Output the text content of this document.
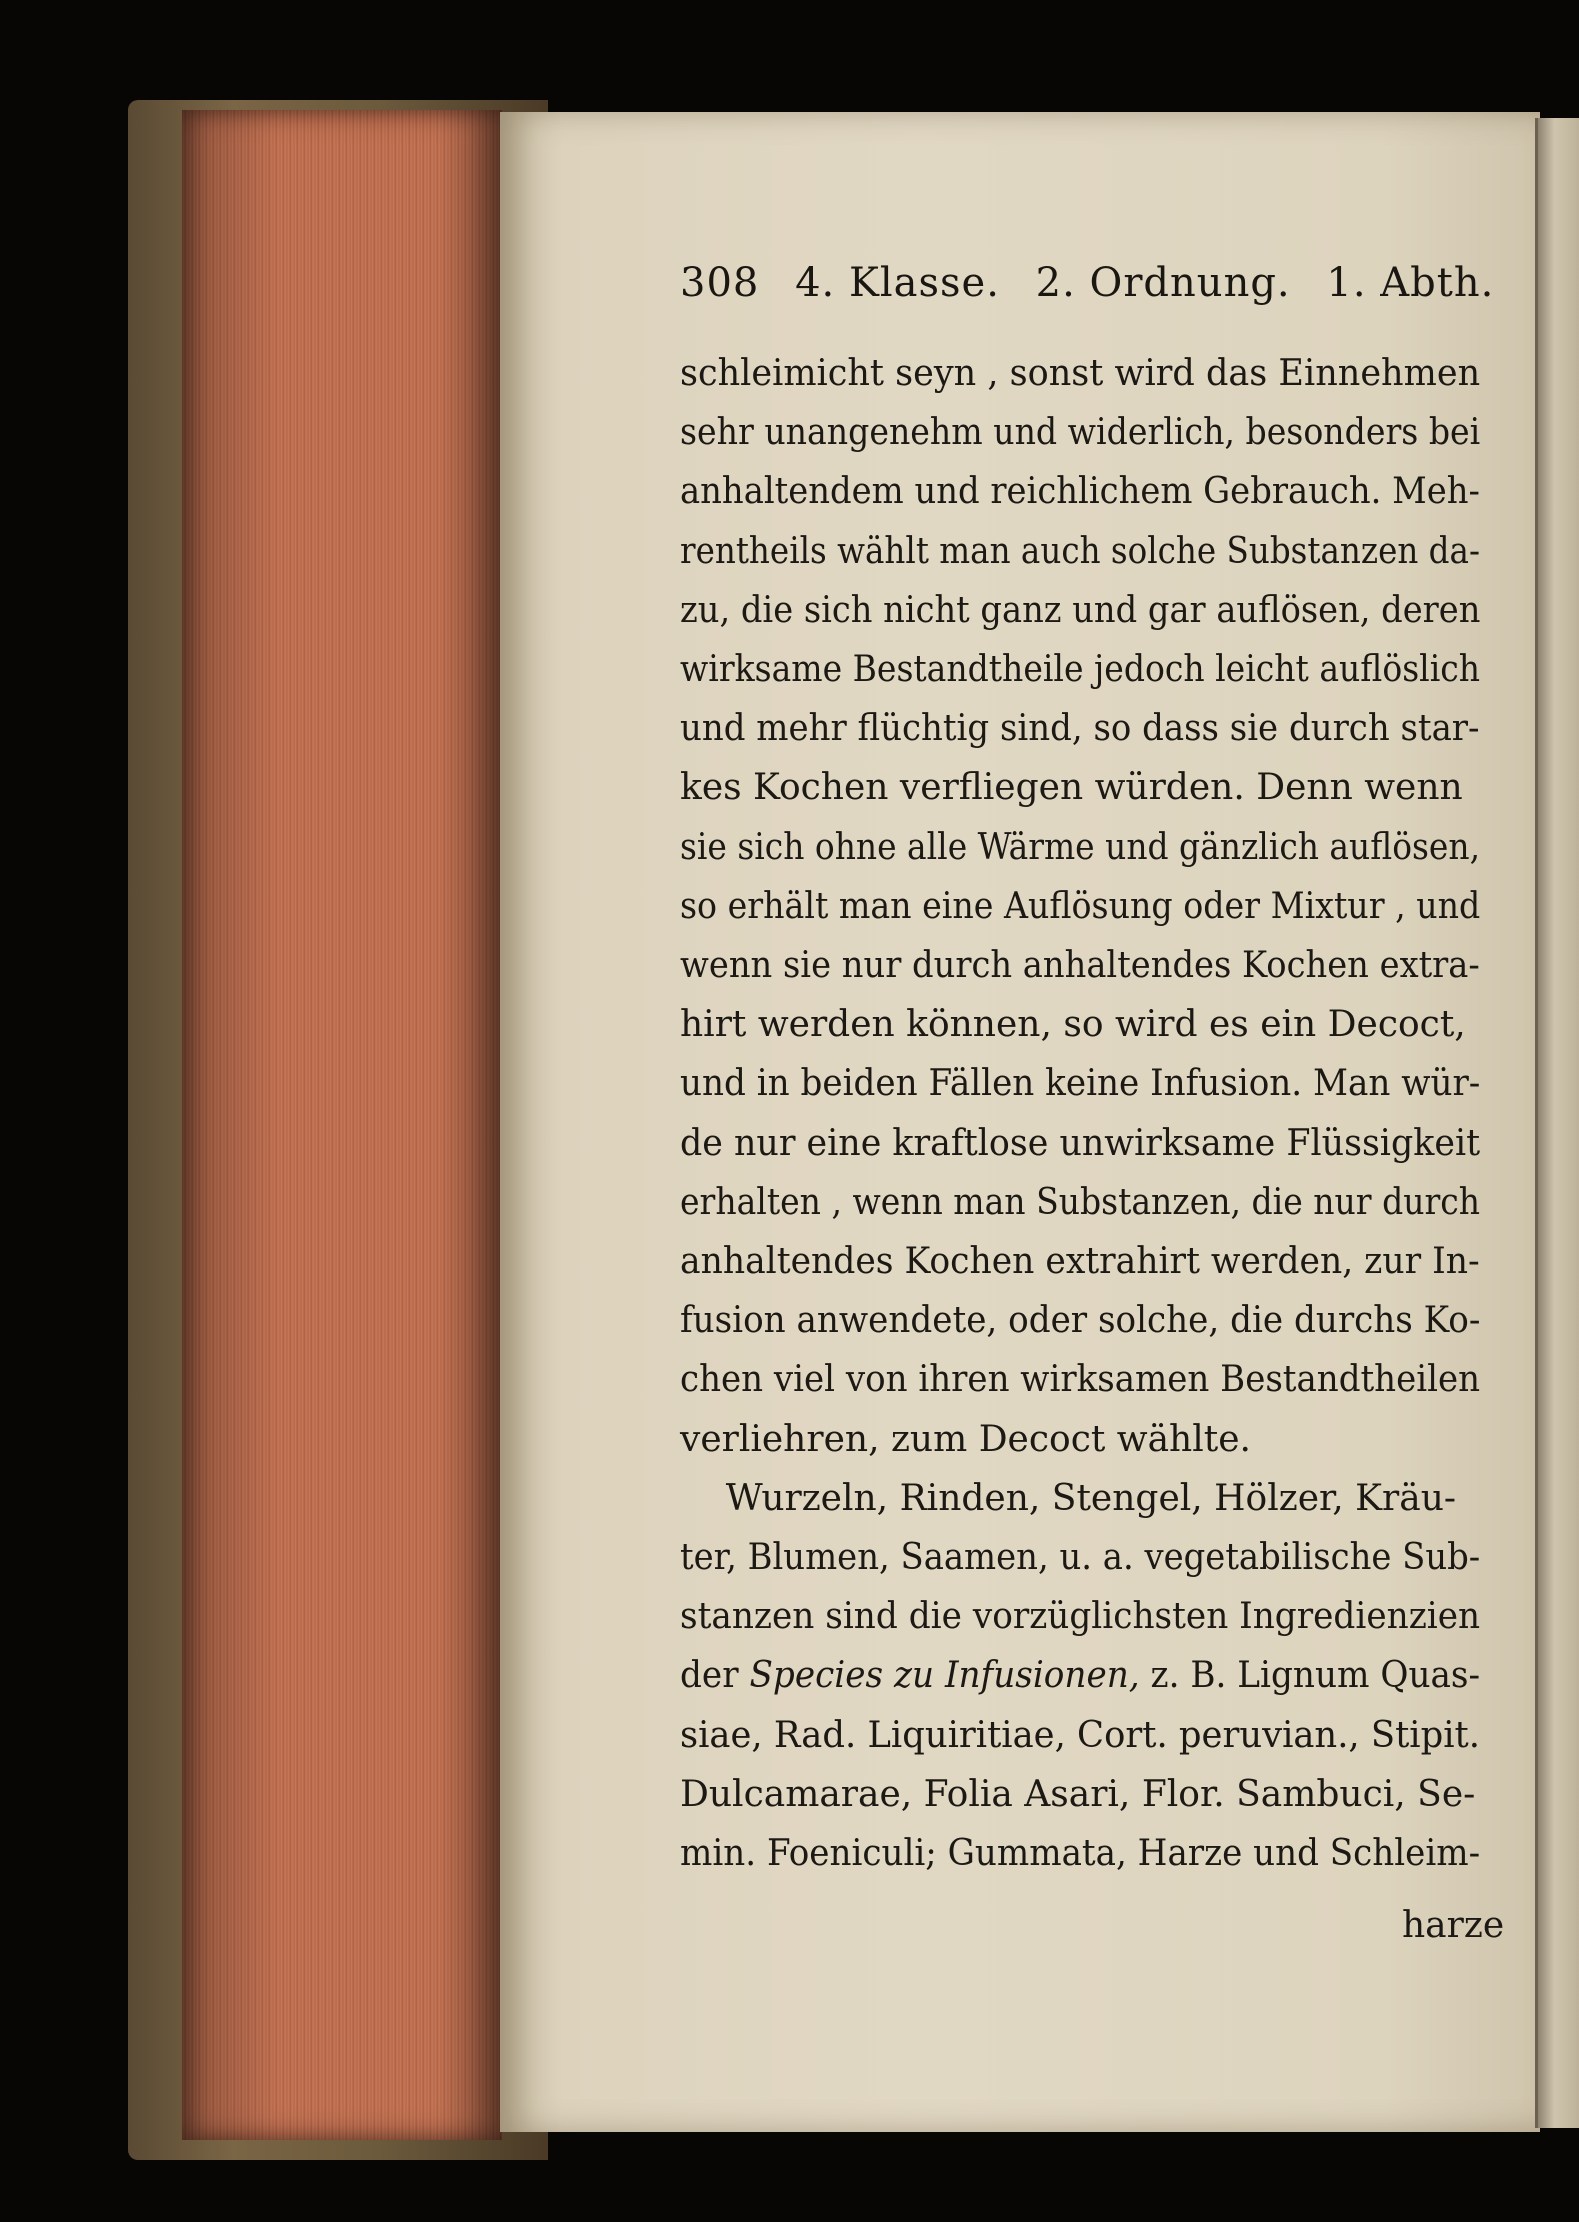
308 4. Klasse. 2. Ordnung. 1. Abth.
schleimicht seyn , sonst wird das Einnehmen
sehr unangenehm und widerlich, besonders bei
anhaltendem und reichlichem Gebrauch. Meh-
rentheils wählt man auch solche Substanzen da-
zu, die sich nicht ganz und gar auflösen, deren
wirksame Bestandtheile jedoch leicht auflöslich
und mehr flüchtig sind, so dass sie durch star-
kes Kochen verfliegen würden. Denn wenn
sie sich ohne alle Wärme und gänzlich auflösen,
so erhält man eine Auflösung oder Mixtur , und
wenn sie nur durch anhaltendes Kochen extra-
hirt werden können, so wird es ein Decoct,
und in beiden Fällen keine Infusion. Man wür-
de nur eine kraftlose unwirksame Flüssigkeit
erhalten , wenn man Substanzen, die nur durch
anhaltendes Kochen extrahirt werden, zur In-
fusion anwendete, oder solche, die durchs Ko-
chen viel von ihren wirksamen Bestandtheilen
verliehren, zum Decoct wählte.
Wurzeln, Rinden, Stengel, Hölzer, Kräu-
ter, Blumen, Saamen, u. a. vegetabilische Sub-
stanzen sind die vorzüglichsten Ingredienzien
der Species zu Infusionen, z. B. Lignum Quas-
siae, Rad. Liquiritiae, Cort. peruvian., Stipit.
Dulcamarae, Folia Asari, Flor. Sambuci, Se-
min. Foeniculi; Gummata, Harze und Schleim-
harze
